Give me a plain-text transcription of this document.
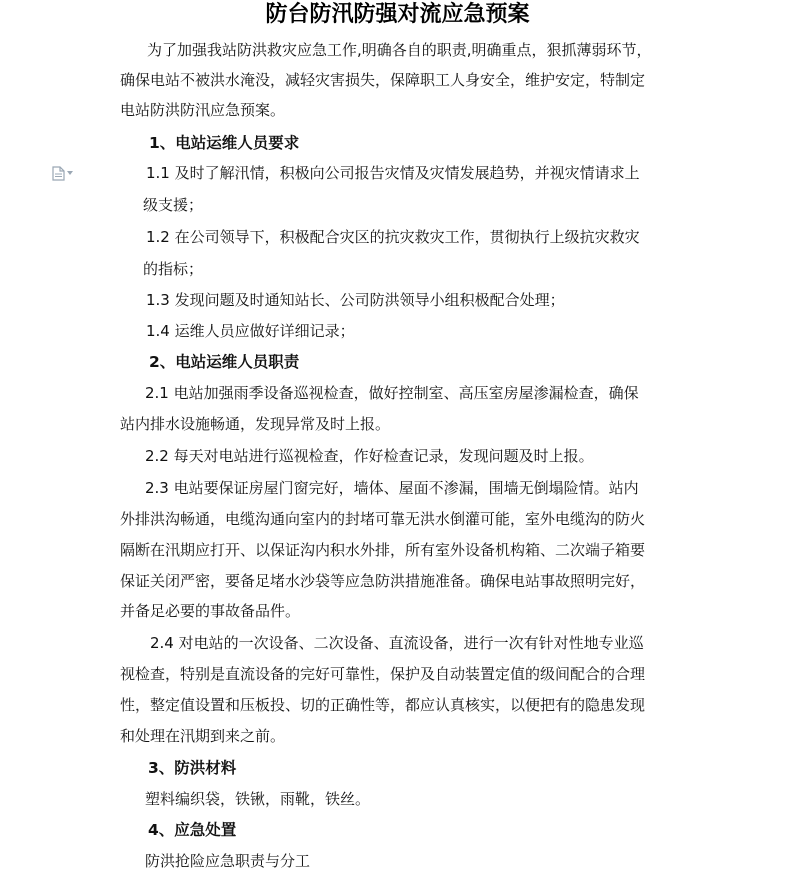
防台防汛防强对流应急预案
为了加强我站防洪救灾应急工作,明确各自的职责,明确重点，狠抓薄弱环节，
确保电站不被洪水淹没，减轻灾害损失，保障职工人身安全，维护安定，特制定
电站防洪防汛应急预案。
1、电站运维人员要求
1.1 及时了解汛情，积极向公司报告灾情及灾情发展趋势，并视灾情请求上
级支援；
1.2 在公司领导下，积极配合灾区的抗灾救灾工作，贯彻执行上级抗灾救灾
的指标；
1.3 发现问题及时通知站长、公司防洪领导小组积极配合处理；
1.4 运维人员应做好详细记录；
2、电站运维人员职责
2.1 电站加强雨季设备巡视检查，做好控制室、高压室房屋渗漏检查，确保
站内排水设施畅通，发现异常及时上报。
2.2 每天对电站进行巡视检查，作好检查记录，发现问题及时上报。
2.3 电站要保证房屋门窗完好，墙体、屋面不渗漏，围墙无倒塌险情。站内
外排洪沟畅通，电缆沟通向室内的封堵可靠无洪水倒灌可能，室外电缆沟的防火
隔断在汛期应打开、以保证沟内积水外排，所有室外设备机构箱、二次端子箱要
保证关闭严密，要备足堵水沙袋等应急防洪措施准备。确保电站事故照明完好，
并备足必要的事故备品件。
2.4 对电站的一次设备、二次设备、直流设备，进行一次有针对性地专业巡
视检查，特别是直流设备的完好可靠性，保护及自动装置定值的级间配合的合理
性，整定值设置和压板投、切的正确性等，都应认真核实，以便把有的隐患发现
和处理在汛期到来之前。
3、防洪材料
塑料编织袋，铁锹，雨靴，铁丝。
4、应急处置
防洪抢险应急职责与分工
